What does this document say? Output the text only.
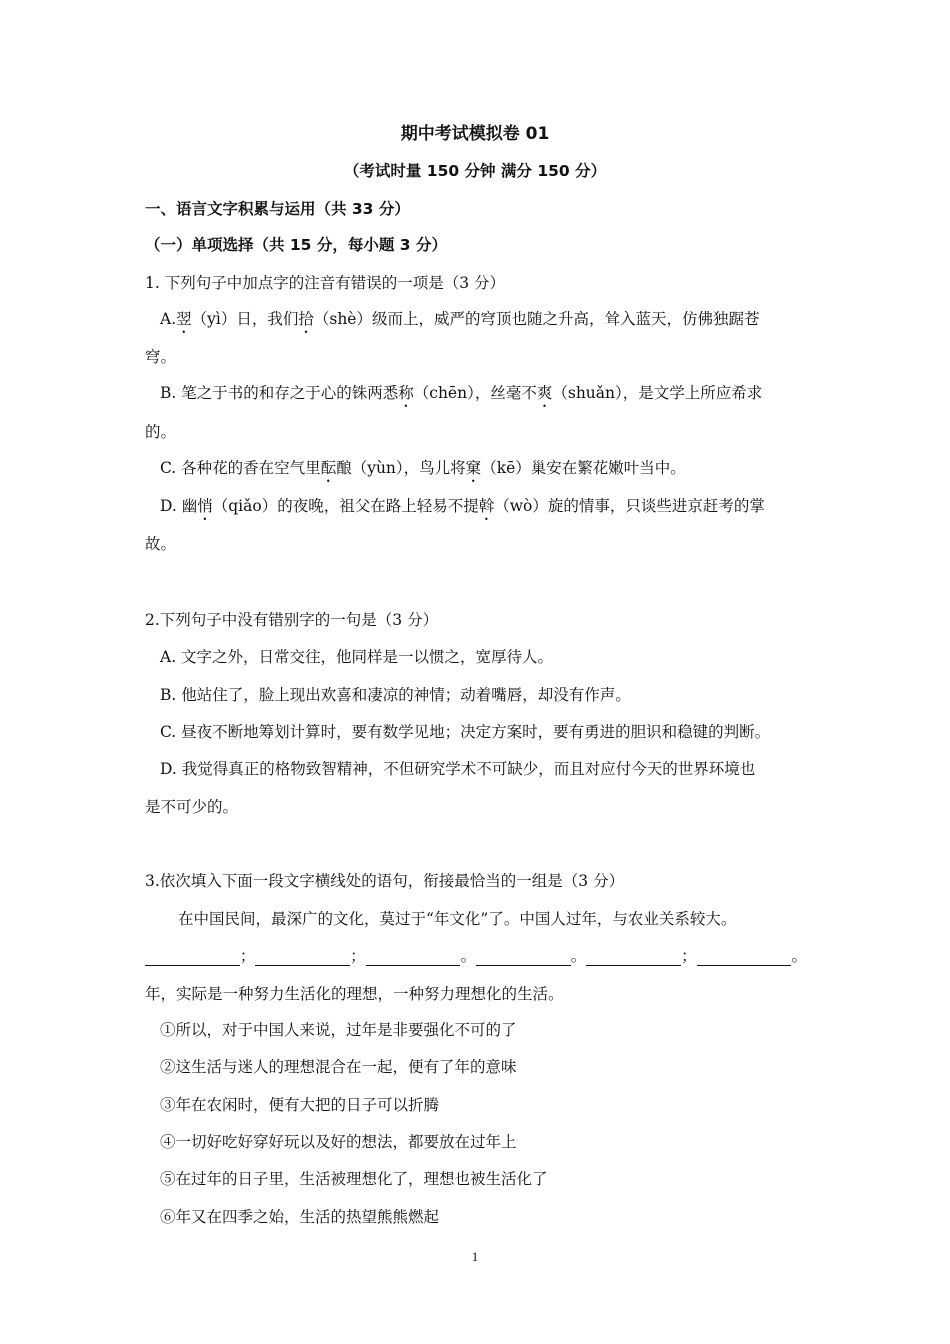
期中考试模拟卷 01
（考试时量 150 分钟 满分 150 分）
一、语言文字积累与运用（共 33 分）
（一）单项选择（共 15 分，每小题 3 分）
1. 下列句子中加点字的注音有错误的一项是（3 分）
A.翌（yì）日，我们拾（shè）级而上，威严的穹顶也随之升高，耸入蓝天，仿佛独踞苍
穹。
B. 笔之于书的和存之于心的铢两悉称（chēn），丝毫不爽（shuǎn），是文学上所应希求
的。
C. 各种花的香在空气里酝酿（yùn），鸟儿将窠（kē）巢安在繁花嫩叶当中。
D. 幽悄（qiǎo）的夜晚，祖父在路上轻易不提斡（wò）旋的情事，只谈些进京赶考的掌
故。
2.下列句子中没有错别字的一句是（3 分）
A. 文字之外，日常交往，他同样是一以惯之，宽厚待人。
B. 他站住了，脸上现出欢喜和凄凉的神情；动着嘴唇，却没有作声。
C. 昼夜不断地筹划计算时，要有数学见地；决定方案时，要有勇进的胆识和稳键的判断。
D. 我觉得真正的格物致智精神，不但研究学术不可缺少，而且对应付今天的世界环境也
是不可少的。
3.依次填入下面一段文字横线处的语句，衔接最恰当的一组是（3 分）
在中国民间，最深广的文化，莫过于“年文化”了。中国人过年，与农业关系较大。
；	；	。	。	；	。
年，实际是一种努力生活化的理想，一种努力理想化的生活。
①所以，对于中国人来说，过年是非要强化不可的了
②这生活与迷人的理想混合在一起，便有了年的意味
③年在农闲时，便有大把的日子可以折腾
④一切好吃好穿好玩以及好的想法，都要放在过年上
⑤在过年的日子里，生活被理想化了，理想也被生活化了
⑥年又在四季之始，生活的热望熊熊燃起
1
